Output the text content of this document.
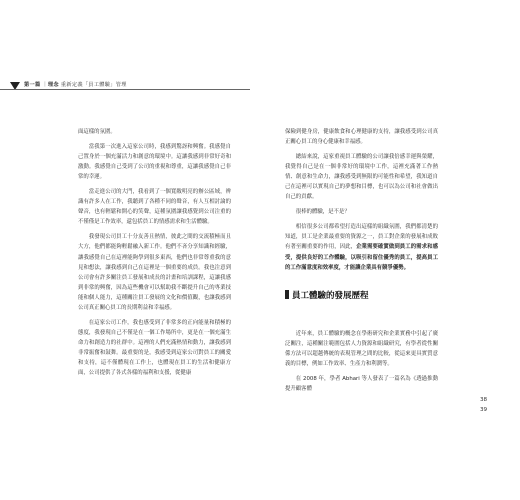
第一篇 ｜理念 重新定義「員工體驗」管理

面這樣的氛圍。

當我第一次進入這家公司時，我感到驚訝和興奮。我感覺自己置身於一個充滿活力和創意的環境中。這讓我感到非常好奇和激動。我感覺自己受到了公司的重視和尊重，這讓我感覺自己非常的幸運。

當走進公司的大門，我看到了一個寬敞明亮的辦公區域，辨識有許多人在工作，我聽到了各種不同的聲音，有人互相討論的聲音，也有輕鬆和開心的笑聲，這種氛圍讓我感覺到公司注重的不僅僅是工作效率，還包括員工的情感需求和生活體驗。

我發現公司員工十分友善且熱情，彼此之間的交流積極而且大方，他們都能夠輕鬆融入新工作。他們不吝分享知識和經驗，讓我感覺自己在這裡能夠學到很多東西，他們也非常尊重我的意見和想法，讓我感到自己在這裡是一個重要的成員。我也注意到公司會有許多關注員工發展和成長的計畫和培訓課程，這讓我感到非常的興奮，因為這些機會可以幫助我不斷提升自己的專業技能和個人能力，這種關注員工發展的文化和價值觀，也讓我感到公司真正關心員工的長期利益和幸福感。

在這家公司工作，我也感受到了非常多的正向能量和積極的態度，我發現自己不僅是在一個工作場所中，更是在一個充滿生命力和創造力的社群中。這裡的人們充滿熱情和動力，讓我感到非常振奮和鼓舞。最重要的是，我感受到這家公司對員工的關愛和支持，這不僅體現在工作上，也體現在員工的生活和健康方面，公司提供了各式各樣的福利和支援，從健康

保險到健身房，健康飲食和心理健康的支持，讓我感受到公司真正關心員工的身心健康和幸福感。

總結來說，這家重視員工體驗的公司讓我倍感幸運與榮耀，我覺得自己是在一個非常好的環境中工作，這裡充滿著工作熱情、創意和生命力，讓我感受到無限的可能性和希望，我知道自己在這裡可以實現自己的夢想和目標，也可以為公司和社會做出自己的貢獻。

很棒的體驗，是不是？

相信很多公司都希望打造出這樣的組織氛圍，我們都清楚的知道，員工是企業最重要的資源之一，員工對企業的發展和成敗有著至關重要的作用，因此，企業需要確實做到員工的需求和感受，提供良好的工作體驗，以吸引和留住優秀的員工，提高員工的工作滿意度和效率度，才能讓企業具有競爭優勢。

員工體驗的發展歷程

近年來，員工體驗的概念在學術研究和企業實務中引起了廣泛關注，這種關注範圍包括人力資源和組織研究，有學者從性關係方法可以超越傳統的表現管理之間的比較，從這來更具實質意義的目標，例如工作效率、生產力和利潤等。

在 2008 年，學者 Abhari 等人發表了一篇名為《透過推動提升顧客體

38
39
